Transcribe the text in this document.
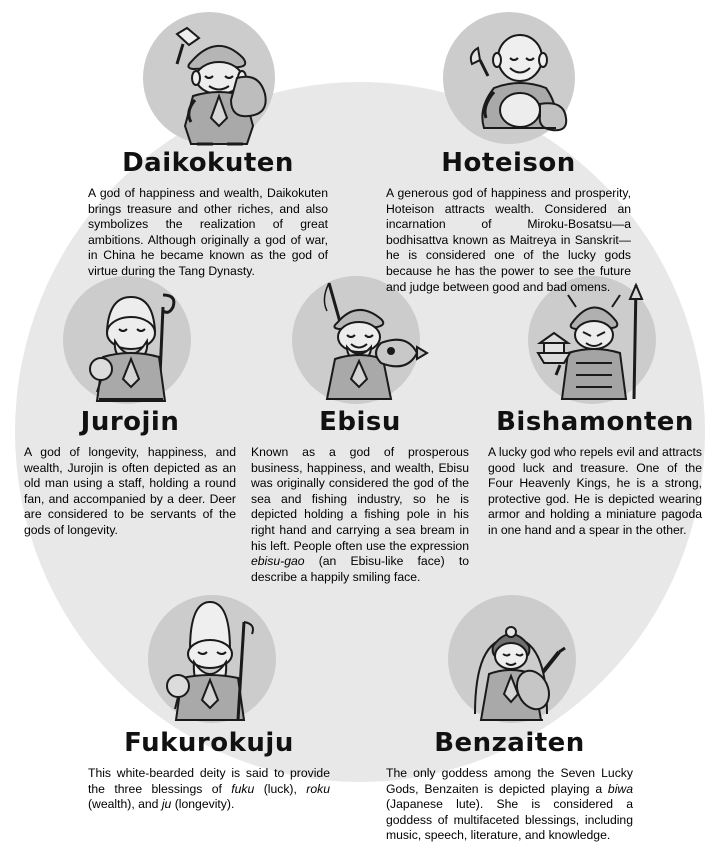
Daikokuten
A god of happiness and wealth, Daikokuten brings treasure and other riches, and also symbolizes the realization of great ambitions. Although originally a god of war, in China he became known as the god of virtue during the Tang Dynasty.
Hoteison
A generous god of happiness and prosperity, Hoteison attracts wealth. Considered an incarnation of Miroku-Bosatsu—a bodhisattva known as Maitreya in Sanskrit—he is considered one of the lucky gods because he has the power to see the future and judge between good and bad omens.
Jurojin
A god of longevity, happiness, and wealth, Jurojin is often depicted as an old man using a staff, holding a round fan, and accompanied by a deer. Deer are considered to be servants of the gods of longevity.
Ebisu
Known as a god of prosperous business, happiness, and wealth, Ebisu was originally considered the god of the sea and fishing industry, so he is depicted holding a fishing pole in his right hand and carrying a sea bream in his left. People often use the expression ebisu-gao (an Ebisu-like face) to describe a happily smiling face.
Bishamonten
A lucky god who repels evil and attracts good luck and treasure. One of the Four Heavenly Kings, he is a strong, protective god. He is depicted wearing armor and holding a miniature pagoda in one hand and a spear in the other.
Fukurokuju
This white-bearded deity is said to provide the three blessings of fuku (luck), roku (wealth), and ju (longevity).
Benzaiten
The only goddess among the Seven Lucky Gods, Benzaiten is depicted playing a biwa (Japanese lute). She is considered a goddess of multifaceted blessings, including music, speech, literature, and knowledge.
